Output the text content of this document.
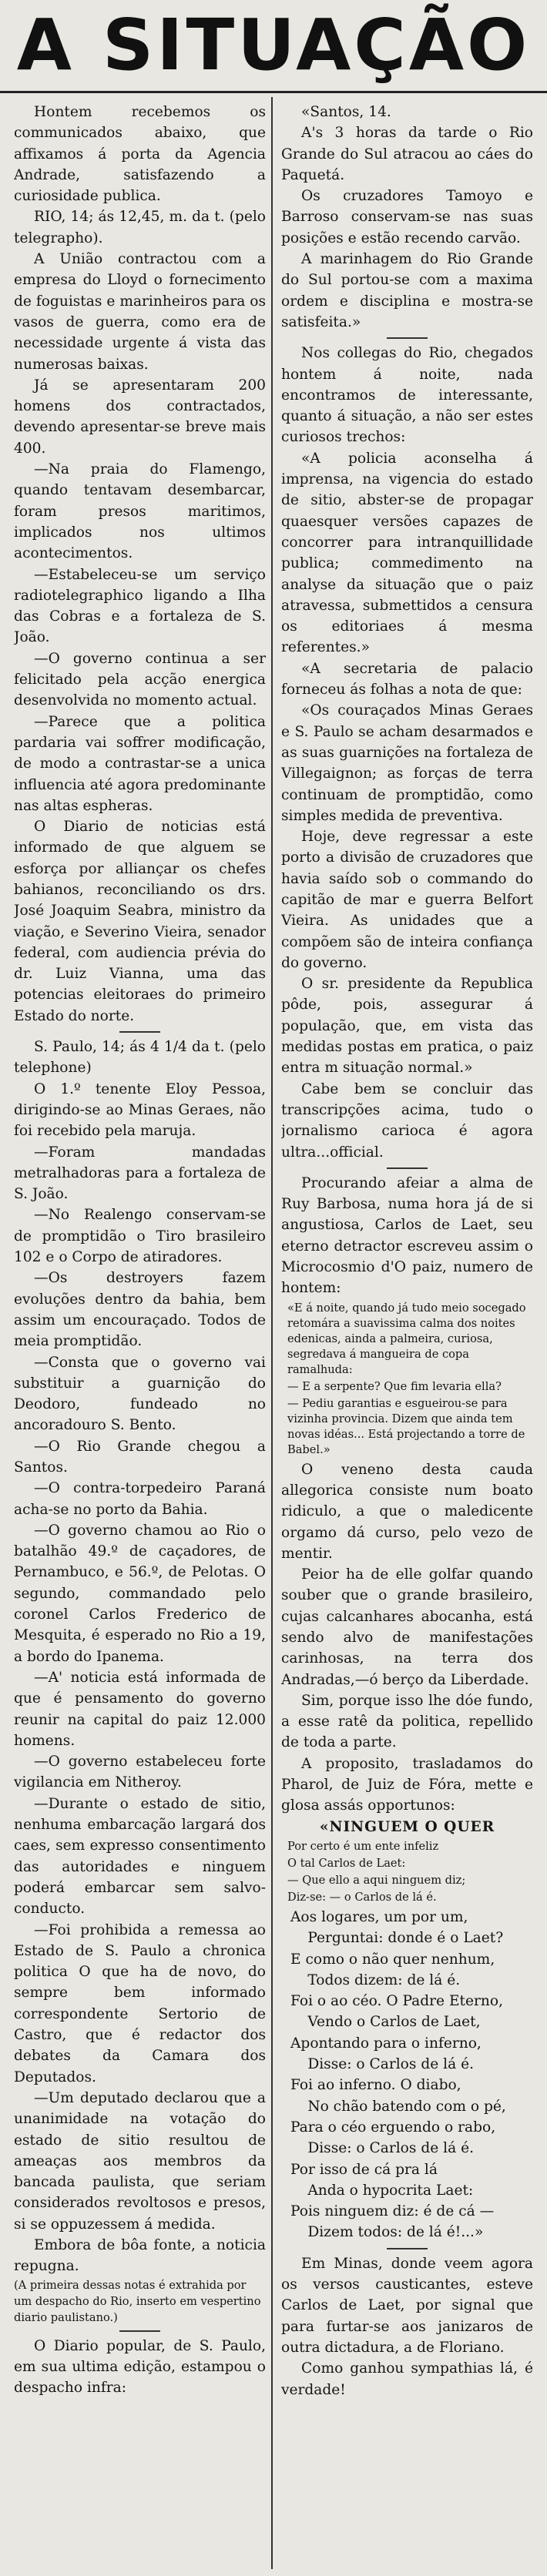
A SITUAÇÃO

Hontem recebemos os communicados abaixo, que affixamos á porta da Agencia Andrade, satisfazendo a curiosidade publica.

RIO, 14; ás 12,45, m. da t. (pelo telegrapho).

A União contractou com a empresa do Lloyd o fornecimento de foguistas e marinheiros para os vasos de guerra, como era de necessidade urgente á vista das numerosas baixas.

Já se apresentaram 200 homens dos contractados, devendo apresentar-se breve mais 400.

—Na praia do Flamengo, quando tentavam desembarcar, foram presos maritimos, implicados nos ultimos acontecimentos.

—Estabeleceu-se um serviço radiotelegraphico ligando a Ilha das Cobras e a fortaleza de S. João.

—O governo continua a ser felicitado pela acção energica desenvolvida no momento actual.

—Parece que a politica pardaria vai soffrer modificação, de modo a contrastar-se a unica influencia até agora predominante nas altas espheras.

O Diario de noticias está informado de que alguem se esforça por alliançar os chefes bahianos, reconciliando os drs. José Joaquim Seabra, ministro da viação, e Severino Vieira, senador federal, com audiencia prévia do dr. Luiz Vianna, uma das potencias eleitoraes do primeiro Estado do norte.

S. Paulo, 14; ás 4 1/4 da t. (pelo telephone)

O 1.º tenente Eloy Pessoa, dirigindo-se ao Minas Geraes, não foi recebido pela maruja.

—Foram mandadas metralhadoras para a fortaleza de S. João.

—No Realengo conservam-se de promptidão o Tiro brasileiro 102 e o Corpo de atiradores.

—Os destroyers fazem evoluções dentro da bahia, bem assim um encouraçado. Todos de meia promptidão.

—Consta que o governo vai substituir a guarnição do Deodoro, fundeado no ancoradouro S. Bento.

—O Rio Grande chegou a Santos.

—O contra-torpedeiro Paraná acha-se no porto da Bahia.

—O governo chamou ao Rio o batalhão 49.º de caçadores, de Pernambuco, e 56.º, de Pelotas. O segundo, commandado pelo coronel Carlos Frederico de Mesquita, é esperado no Rio a 19, a bordo do Ipanema.

—A' noticia está informada de que é pensamento do governo reunir na capital do paiz 12.000 homens.

—O governo estabeleceu forte vigilancia em Nitheroy.

—Durante o estado de sitio, nenhuma embarcação largará dos caes, sem expresso consentimento das autoridades e ninguem poderá embarcar sem salvo-conducto.

—Foi prohibida a remessa ao Estado de S. Paulo a chronica politica O que ha de novo, do sempre bem informado correspondente Sertorio de Castro, que é redactor dos debates da Camara dos Deputados.

—Um deputado declarou que a unanimidade na votação do estado de sitio resultou de ameaças aos membros da bancada paulista, que seriam considerados revoltosos e presos, si se oppuzessem á medida.

Embora de bôa fonte, a noticia repugna.

(A primeira dessas notas é extrahida por um despacho do Rio, inserto em vespertino diario paulistano.)

O Diario popular, de S. Paulo, em sua ultima edição, estampou o despacho infra:

«Santos, 14.

A's 3 horas da tarde o Rio Grande do Sul atracou ao cáes do Paquetá.

Os cruzadores Tamoyo e Barroso conservam-se nas suas posições e estão recendo carvão.

A marinhagem do Rio Grande do Sul portou-se com a maxima ordem e disciplina e mostra-se satisfeita.»

Nos collegas do Rio, chegados hontem á noite, nada encontramos de interessante, quanto á situação, a não ser estes curiosos trechos:

«A policia aconselha á imprensa, na vigencia do estado de sitio, abster-se de propagar quaesquer versões capazes de concorrer para intranquillidade publica; commedimento na analyse da situação que o paiz atravessa, submettidos a censura os editoriaes á mesma referentes.»

«A secretaria de palacio forneceu ás folhas a nota de que:

«Os couraçados Minas Geraes e S. Paulo se acham desarmados e as suas guarnições na fortaleza de Villegaignon; as forças de terra continuam de promptidão, como simples medida de preventiva.

Hoje, deve regressar a este porto a divisão de cruzadores que havia saído sob o commando do capitão de mar e guerra Belfort Vieira. As unidades que a compõem são de inteira confiança do governo.

O sr. presidente da Republica pôde, pois, assegurar á população, que, em vista das medidas postas em pratica, o paiz entra m situação normal.»

Cabe bem se concluir das transcripções acima, tudo o jornalismo carioca é agora ultra...official.

Procurando afeiar a alma de Ruy Barbosa, numa hora já de si angustiosa, Carlos de Laet, seu eterno detractor escreveu assim o Microcosmio d'O paiz, numero de hontem:

«E á noite, quando já tudo meio socegado retomára a suavissima calma dos noites edenicas, ainda a palmeira, curiosa, segredava á mangueira de copa ramalhuda:

— E a serpente? Que fim levaria ella?

— Pediu garantias e esgueirou-se para vizinha provincia. Dizem que ainda tem novas idéas... Está projectando a torre de Babel.»

O veneno desta cauda allegorica consiste num boato ridiculo, a que o maledicente orgamo dá curso, pelo vezo de mentir.

Peior ha de elle golfar quando souber que o grande brasileiro, cujas calcanhares abocanha, está sendo alvo de manifestações carinhosas, na terra dos Andradas,—ó berço da Liberdade.

Sim, porque isso lhe dóe fundo, a esse ratê da politica, repellido de toda a parte.

A proposito, trasladamos do Pharol, de Juiz de Fóra, mette e glosa assás opportunos:

«NINGUEM O QUER

Por certo é um ente infeliz

O tal Carlos de Laet:

— Que ello a aqui ninguem diz;

Diz-se: — o Carlos de lá é.

Aos logares, um por um,
Perguntai: donde é o Laet?
E como o não quer nenhum,
Todos dizem: de lá é.
Foi o ao céo. O Padre Eterno,
Vendo o Carlos de Laet,
Apontando para o inferno,
Disse: o Carlos de lá é.
Foi ao inferno. O diabo,
No chão batendo com o pé,
Para o céo erguendo o rabo,
Disse: o Carlos de lá é.
Por isso de cá pra lá
Anda o hypocrita Laet:
Pois ninguem diz: é de cá —
Dizem todos: de lá é!...»

Em Minas, donde veem agora os versos causticantes, esteve Carlos de Laet, por signal que para furtar-se aos janizaros de outra dictadura, a de Floriano.

Como ganhou sympathias lá, é verdade!
